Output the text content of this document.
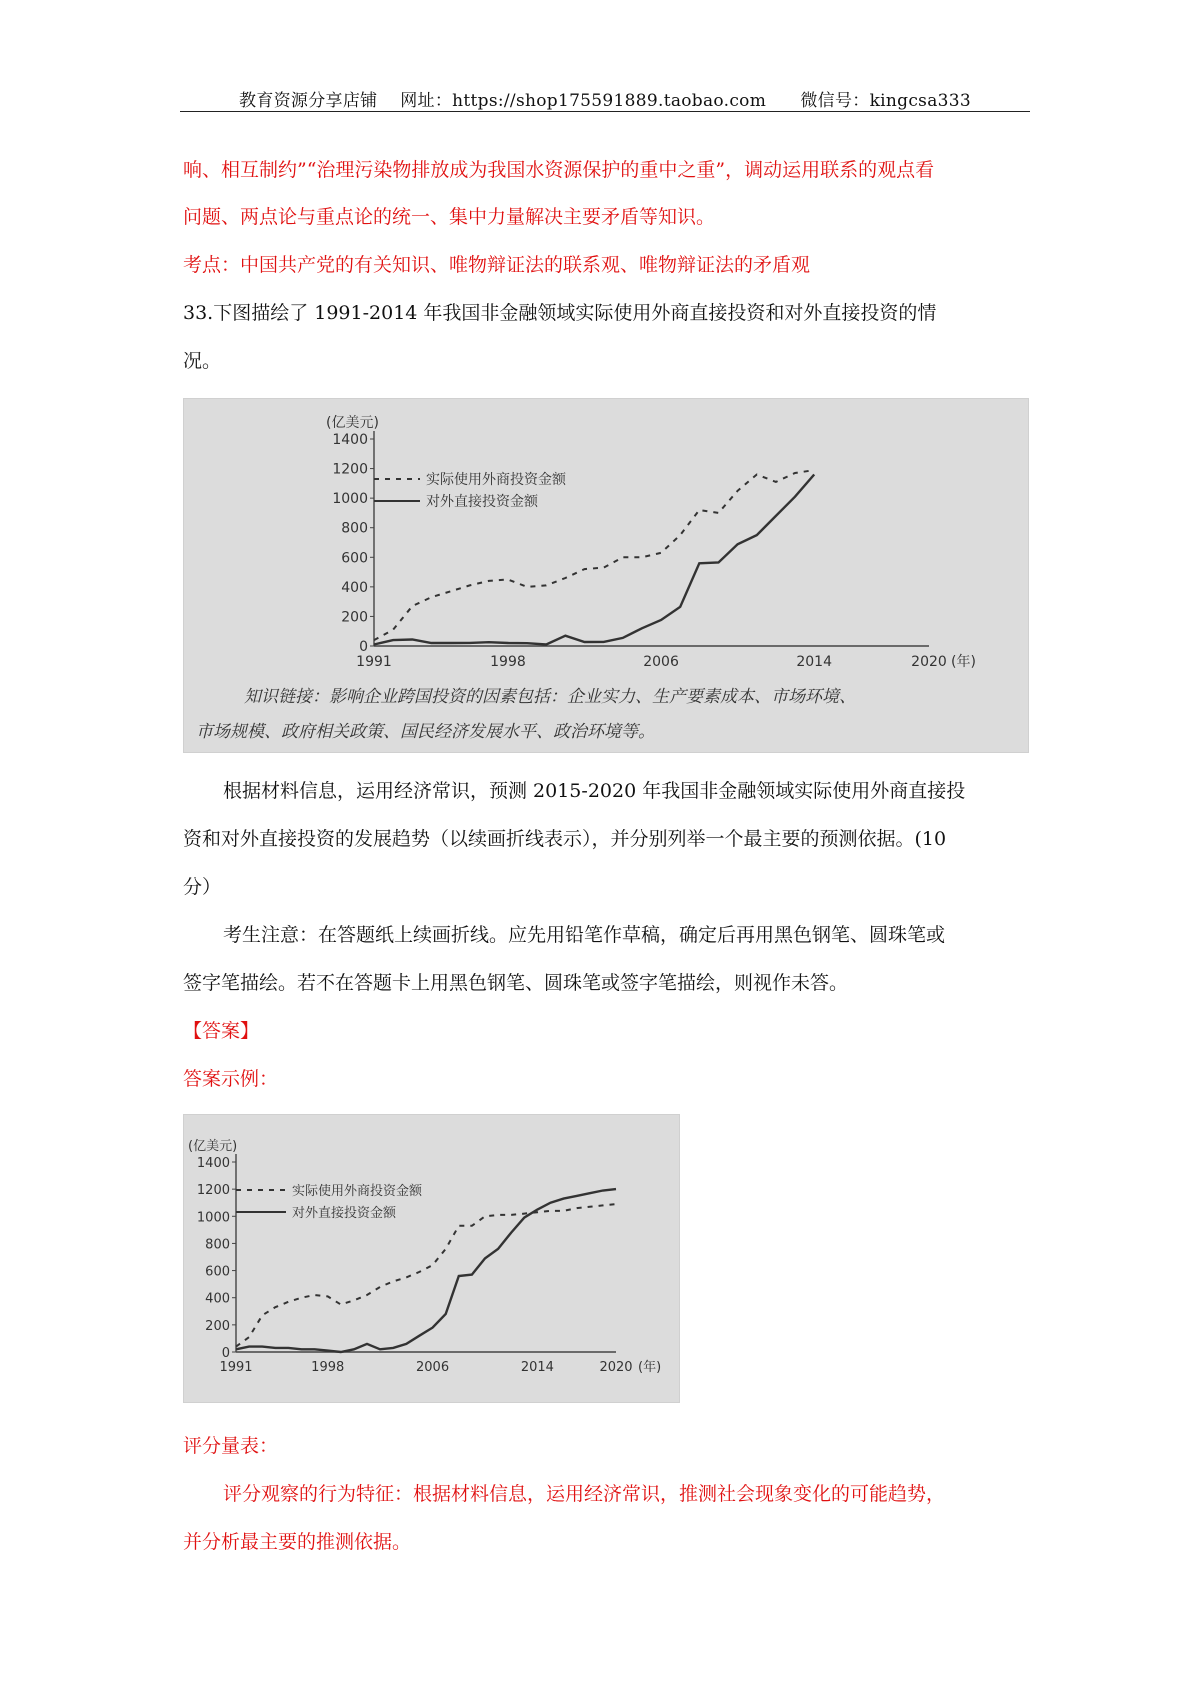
教育资源分享店铺 网址：https://shop175591889.taobao.com 微信号：kingcsa333
响、相互制约”“治理污染物排放成为我国水资源保护的重中之重”，调动运用联系的观点看
问题、两点论与重点论的统一、集中力量解决主要矛盾等知识。
考点：中国共产党的有关知识、唯物辩证法的联系观、唯物辩证法的矛盾观
33.下图描绘了 1991-2014 年我国非金融领域实际使用外商直接投资和对外直接投资的情
况。
0
200
400
600
800
1000
1200
1400
(亿美元)
1991	1998	2006	2014	2020 (年)
实际使用外商投资金额
对外直接投资金额
知识链接：影响企业跨国投资的因素包括：企业实力、生产要素成本、市场环境、
市场规模、政府相关政策、国民经济发展水平、政治环境等。
根据材料信息，运用经济常识，预测 2015-2020 年我国非金融领域实际使用外商直接投
资和对外直接投资的发展趋势（以续画折线表示），并分别列举一个最主要的预测依据。(10
分）
考生注意：在答题纸上续画折线。应先用铅笔作草稿，确定后再用黑色钢笔、圆珠笔或
签字笔描绘。若不在答题卡上用黑色钢笔、圆珠笔或签字笔描绘，则视作未答。
【答案】
答案示例：
0
200
400
600
800
1000
1200
1400
(亿美元)
1991	1998	2006	2014	2020 (年)
实际使用外商投资金额
对外直接投资金额
评分量表：
评分观察的行为特征：根据材料信息，运用经济常识，推测社会现象变化的可能趋势，
并分析最主要的推测依据。
